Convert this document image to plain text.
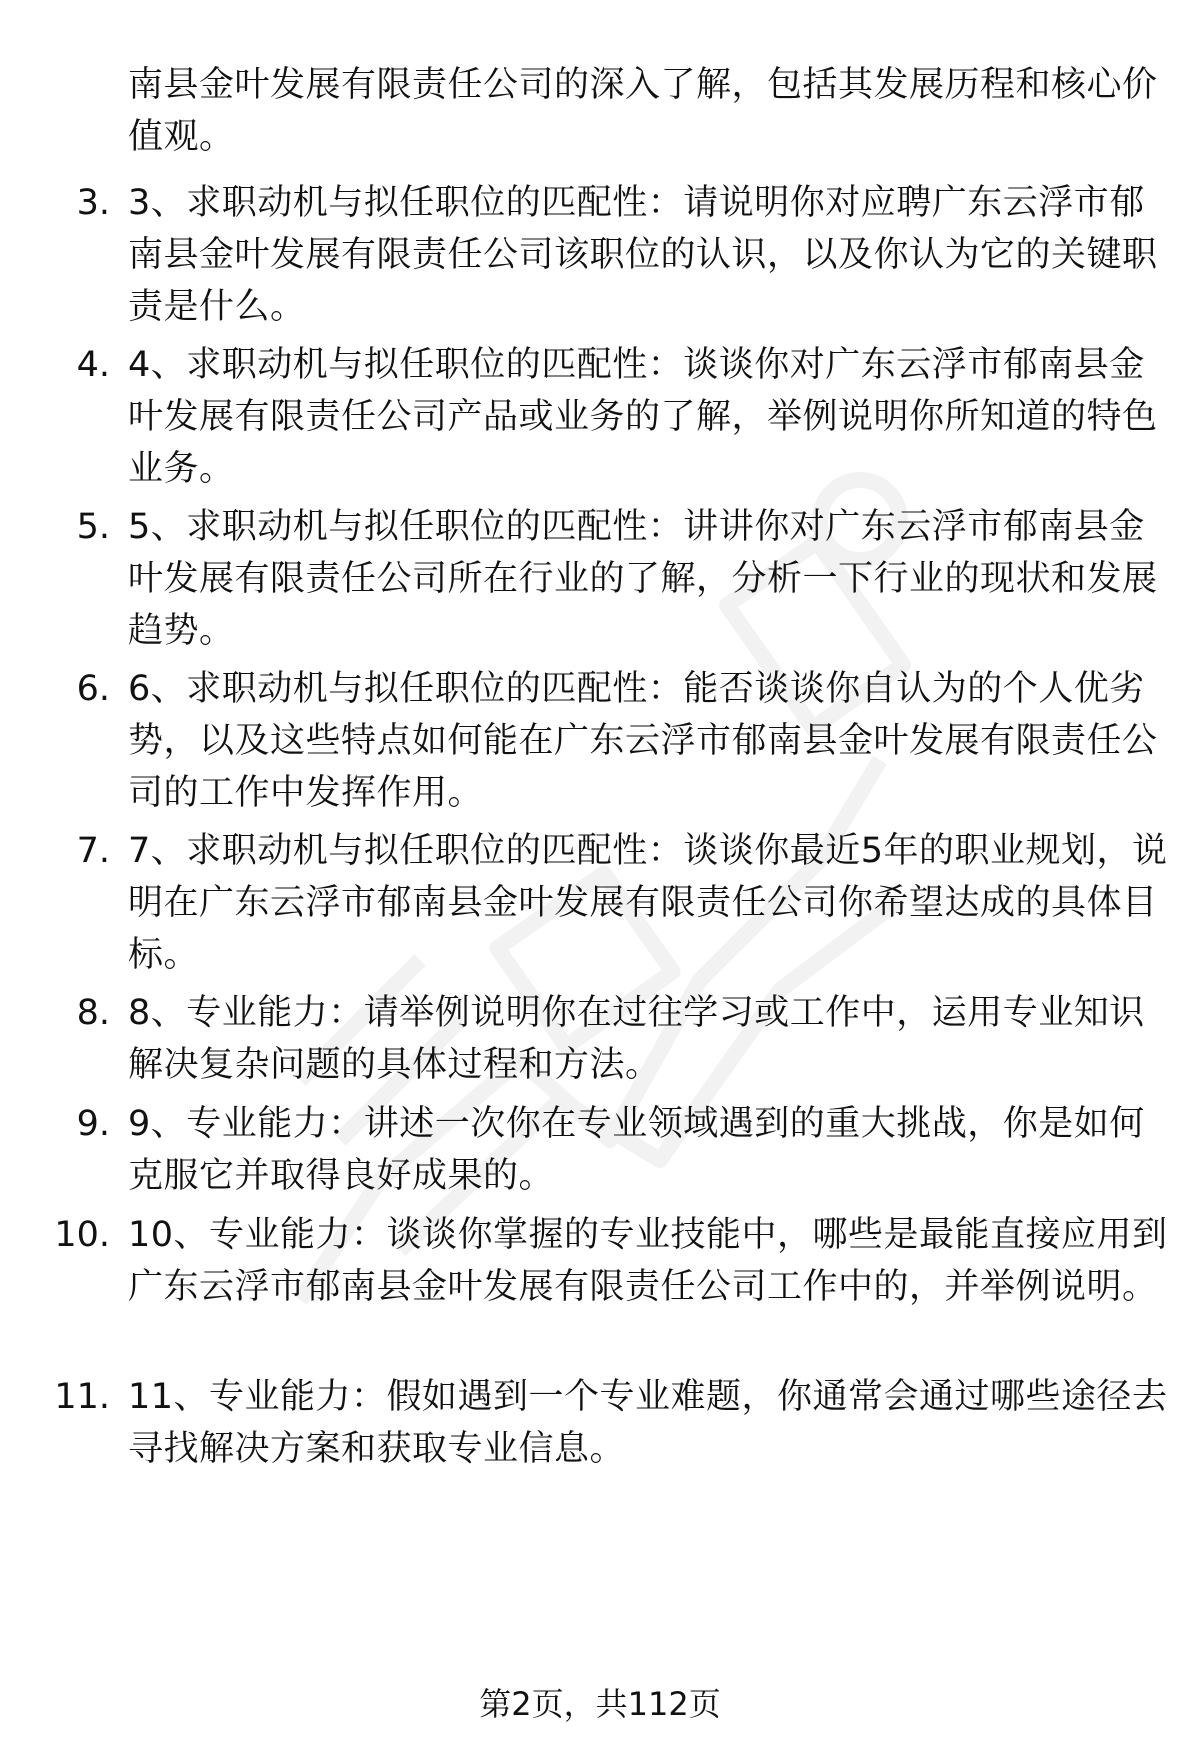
南县金叶发展有限责任公司的深入了解，包括其发展历程和核心价值观。
3. 3、求职动机与拟任职位的匹配性：请说明你对应聘广东云浮市郁南县金叶发展有限责任公司该职位的认识，以及你认为它的关键职责是什么。
4. 4、求职动机与拟任职位的匹配性：谈谈你对广东云浮市郁南县金叶发展有限责任公司产品或业务的了解，举例说明你所知道的特色业务。
5. 5、求职动机与拟任职位的匹配性：讲讲你对广东云浮市郁南县金叶发展有限责任公司所在行业的了解，分析一下行业的现状和发展趋势。
6. 6、求职动机与拟任职位的匹配性：能否谈谈你自认为的个人优劣势，以及这些特点如何能在广东云浮市郁南县金叶发展有限责任公司的工作中发挥作用。
7. 7、求职动机与拟任职位的匹配性：谈谈你最近5年的职业规划，说明在广东云浮市郁南县金叶发展有限责任公司你希望达成的具体目标。
8. 8、专业能力：请举例说明你在过往学习或工作中，运用专业知识解决复杂问题的具体过程和方法。
9. 9、专业能力：讲述一次你在专业领域遇到的重大挑战，你是如何克服它并取得良好成果的。
10. 10、专业能力：谈谈你掌握的专业技能中，哪些是最能直接应用到广东云浮市郁南县金叶发展有限责任公司工作中的，并举例说明。
11. 11、专业能力：假如遇到一个专业难题，你通常会通过哪些途径去寻找解决方案和获取专业信息。
第2页，共112页
